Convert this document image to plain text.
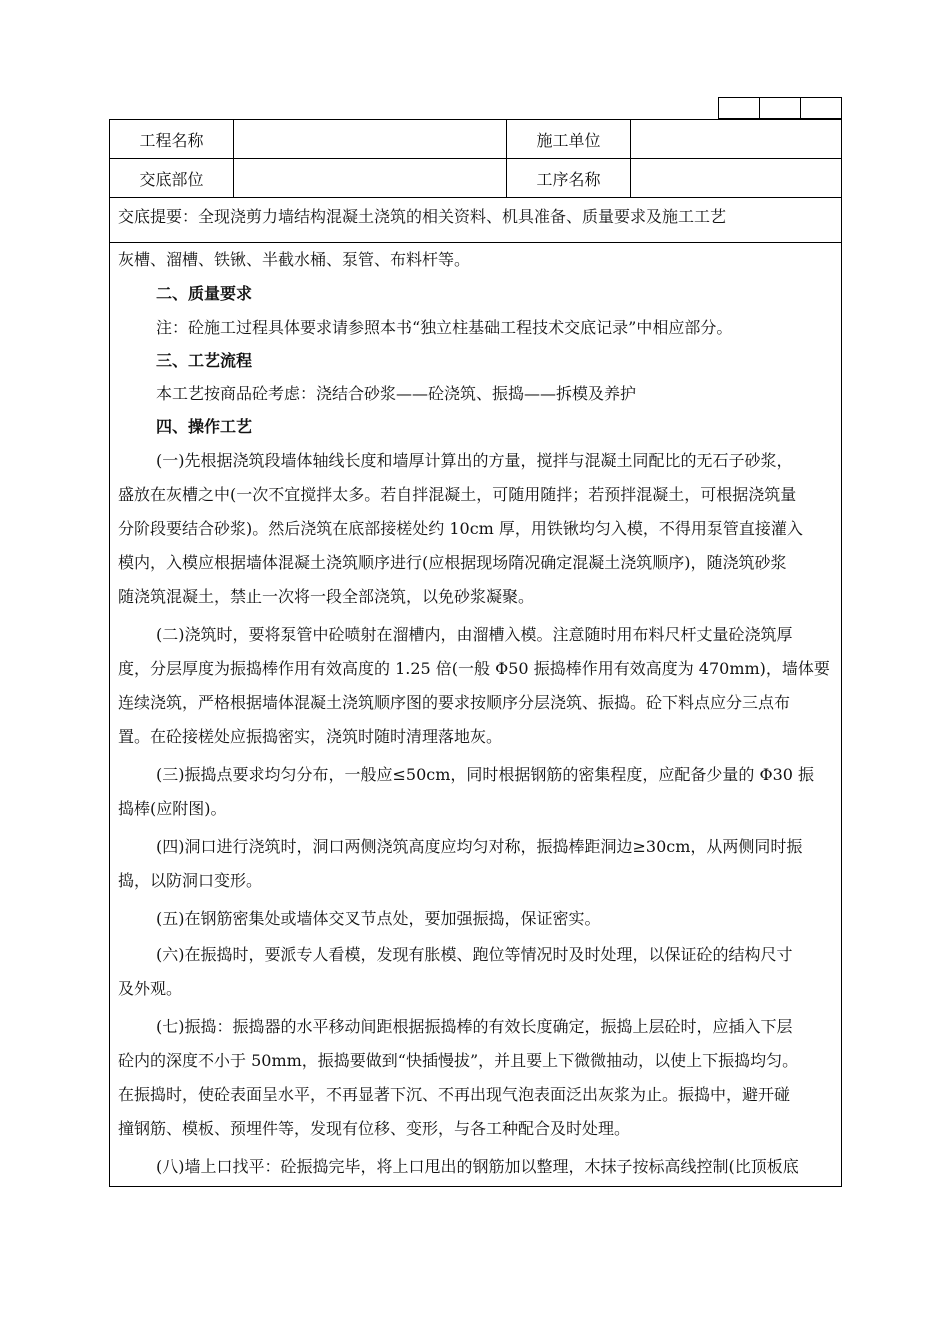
工程名称	施工单位
交底部位	工序名称
交底提要：全现浇剪力墙结构混凝土浇筑的相关资料、机具准备、质量要求及施工工艺
灰槽、溜槽、铁锹、半截水桶、泵管、布料杆等。
二、质量要求
注：砼施工过程具体要求请参照本书“独立柱基础工程技术交底记录”中相应部分。
三、工艺流程
本工艺按商品砼考虑：浇结合砂浆——砼浇筑、振捣——拆模及养护
四、操作工艺
(一)先根据浇筑段墙体轴线长度和墙厚计算出的方量，搅拌与混凝土同配比的无石子砂浆，
盛放在灰槽之中(一次不宜搅拌太多。若自拌混凝土，可随用随拌；若预拌混凝土，可根据浇筑量
分阶段要结合砂浆)。然后浇筑在底部接槎处约 10cm 厚，用铁锹均匀入模，不得用泵管直接灌入
模内，入模应根据墙体混凝土浇筑顺序进行(应根据现场隋况确定混凝土浇筑顺序)，随浇筑砂浆
随浇筑混凝土，禁止一次将一段全部浇筑，以免砂浆凝聚。
(二)浇筑时，要将泵管中砼喷射在溜槽内，由溜槽入模。注意随时用布料尺杆丈量砼浇筑厚
度，分层厚度为振捣棒作用有效高度的 1.25 倍(一般 Φ50 振捣棒作用有效高度为 470mm)，墙体要
连续浇筑，严格根据墙体混凝土浇筑顺序图的要求按顺序分层浇筑、振捣。砼下料点应分三点布
置。在砼接槎处应振捣密实，浇筑时随时清理落地灰。
(三)振捣点要求均匀分布，一般应≤50cm，同时根据钢筋的密集程度，应配备少量的 Φ30 振
捣棒(应附图)。
(四)洞口进行浇筑时，洞口两侧浇筑高度应均匀对称，振捣棒距洞边≥30cm，从两侧同时振
捣，以防洞口变形。
(五)在钢筋密集处或墙体交叉节点处，要加强振捣，保证密实。
(六)在振捣时，要派专人看模，发现有胀模、跑位等情况时及时处理，以保证砼的结构尺寸
及外观。
(七)振捣：振捣器的水平移动间距根据振捣棒的有效长度确定，振捣上层砼时，应插入下层
砼内的深度不小于 50mm，振捣要做到“快插慢拔”，并且要上下微微抽动，以使上下振捣均匀。
在振捣时，使砼表面呈水平，不再显著下沉、不再出现气泡表面泛出灰浆为止。振捣中，避开碰
撞钢筋、模板、预埋件等，发现有位移、变形，与各工种配合及时处理。
(八)墙上口找平：砼振捣完毕，将上口甩出的钢筋加以整理，木抹子按标高线控制(比顶板底
